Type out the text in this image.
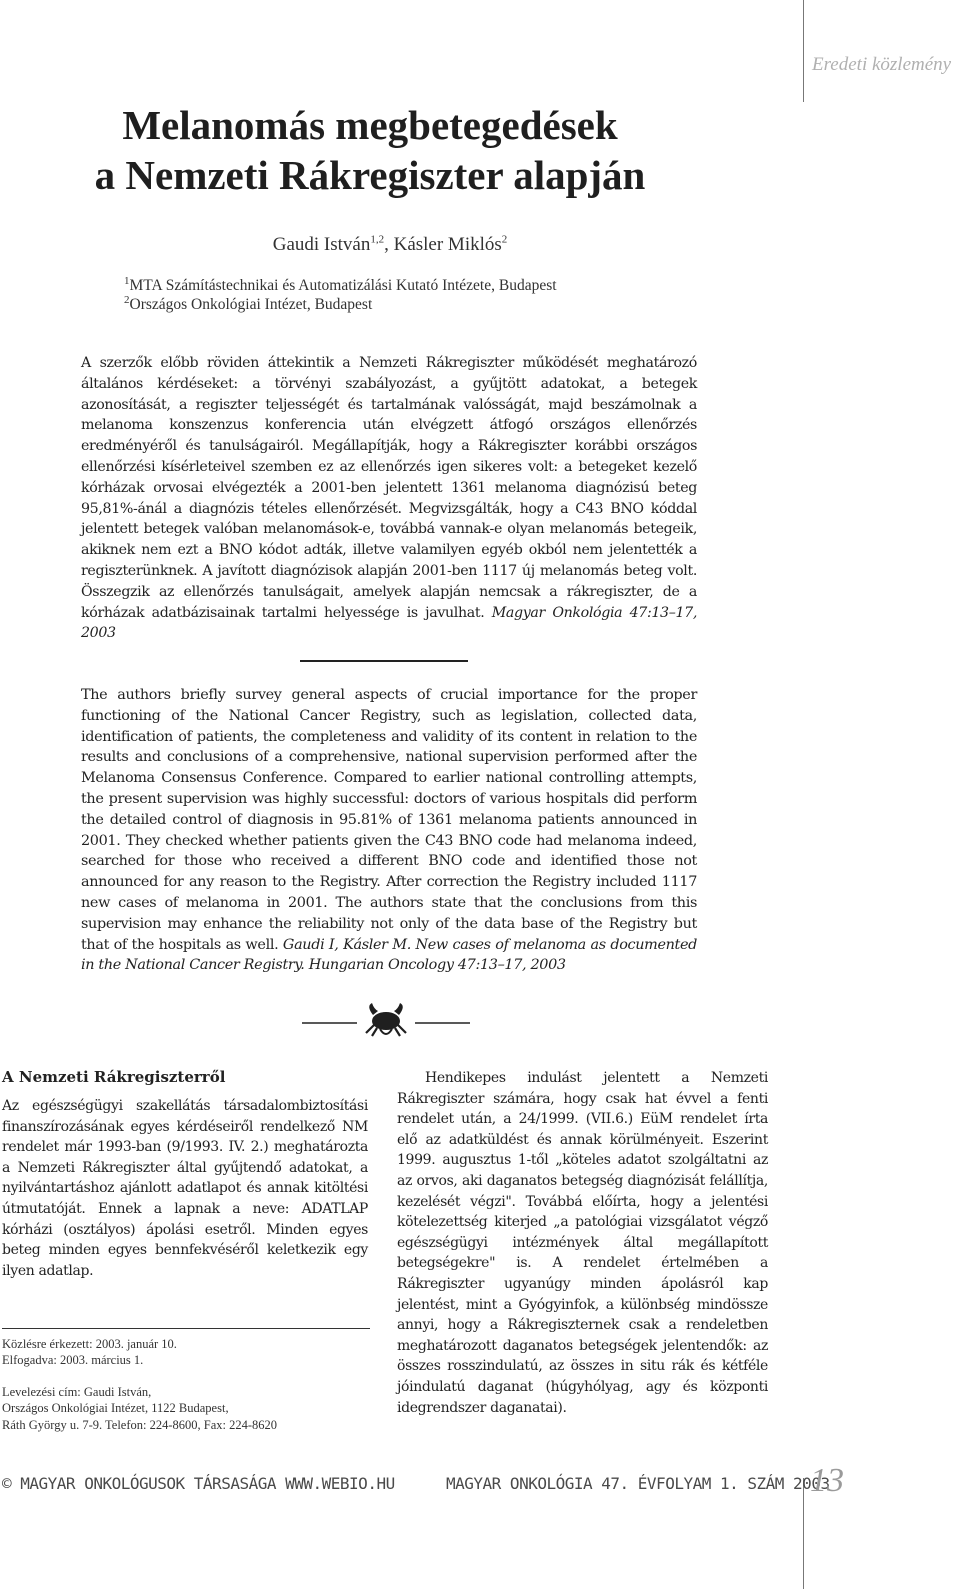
Eredeti közlemény
Melanomás megbetegedések
a Nemzeti Rákregiszter alapján
Gaudi István$^{1,2}$, Kásler Miklós$^2$
$^1$MTA Számítástechnikai és Automatizálási Kutató Intézete, Budapest
$^2$Országos Onkológiai Intézet, Budapest

A szerzők előbb röviden áttekintik a Nemzeti Rákregiszter működését meghatározó általános kérdéseket: a törvényi szabályozást, a gyűjtött adatokat, a betegek azonosítását, a regiszter teljességét és tartalmának valósságát, majd beszámolnak a melanoma konszenzus konferencia után elvégzett átfogó országos ellenőrzés eredményéről és tanulságairól. Megállapítják, hogy a Rákregiszter korábbi országos ellenőrzési kísérleteivel szemben ez az ellenőrzés igen sikeres volt: a betegeket kezelő kórházak orvosai elvégezték a 2001-ben jelentett 1361 melanoma diagnózisú beteg 95,81%-ánál a diagnózis tételes ellenőrzését. Megvizsgálták, hogy a C43 BNO kóddal jelentett betegek valóban melanomások-e, továbbá vannak-e olyan melanomás betegeik, akiknek nem ezt a BNO kódot adták, illetve valamilyen egyéb okból nem jelentették a regiszterünknek. A javított diagnózisok alapján 2001-ben 1117 új melanomás beteg volt. Összegzik az ellenőrzés tanulságait, amelyek alapján nemcsak a rákregiszter, de a kórházak adatbázisainak tartalmi helyessége is javulhat. Magyar Onkológia 47:13–17, 2003

The authors briefly survey general aspects of crucial importance for the proper functioning of the National Cancer Registry, such as legislation, collected data, identification of patients, the completeness and validity of its content in relation to the results and conclusions of a comprehensive, national supervision performed after the Melanoma Consensus Conference. Compared to earlier national controlling attempts, the present supervision was highly successful: doctors of various hospitals did perform the detailed control of diagnosis in 95.81% of 1361 melanoma patients announced in 2001. They checked whether patients given the C43 BNO code had melanoma indeed, searched for those who received a different BNO code and identified those not announced for any reason to the Registry. After correction the Registry included 1117 new cases of melanoma in 2001. The authors state that the conclusions from this supervision may enhance the reliability not only of the data base of the Registry but that of the hospitals as well. Gaudi I, Kásler M. New cases of melanoma as documented in the National Cancer Registry. Hungarian Oncology 47:13–17, 2003

A Nemzeti Rákregiszterről

Az egészségügyi szakellátás társadalombiztosítási finanszírozásának egyes kérdéseiről rendelkező NM rendelet már 1993-ban (9/1993. IV. 2.) meghatározta a Nemzeti Rákregiszter által gyűjtendő adatokat, a nyilvántartáshoz ajánlott adatlapot és annak kitöltési útmutatóját. Ennek a lapnak a neve: ADATLAP kórházi (osztályos) ápolási esetről. Minden egyes beteg minden egyes bennfekvéséről keletkezik egy ilyen adatlap.

Közlésre érkezett: 2003. január 10.
Elfogadva: 2003. március 1.
Levelezési cím: Gaudi István,
Országos Onkológiai Intézet, 1122 Budapest,
Ráth György u. 7-9. Telefon: 224-8600, Fax: 224-8620

Hendikepes indulást jelentett a Nemzeti Rákregiszter számára, hogy csak hat évvel a fenti rendelet után, a 24/1999. (VII.6.) EüM rendelet írta elő az adatküldést és annak körülményeit. Eszerint 1999. augusztus 1-től „köteles adatot szolgáltatni az az orvos, aki daganatos betegség diagnózisát felállítja, kezelését végzi". Továbbá előírta, hogy a jelentési kötelezettség kiterjed „a patológiai vizsgálatot végző egészségügyi intézmények által megállapított betegségekre" is. A rendelet értelmében a Rákregiszter ugyanúgy minden ápolásról kap jelentést, mint a Gyógyinfok, a különbség mindössze annyi, hogy a Rákregiszternek csak a rendeletben meghatározott daganatos betegségek jelentendők: az összes rosszindulatú, az összes in situ rák és kétféle jóindulatú daganat (húgyhólyag, agy és központi idegrendszer daganatai).

© MAGYAR ONKOLÓGUSOK TÁRSASÁGA WWW.WEBIO.HU	MAGYAR ONKOLÓGIA 47. ÉVFOLYAM 1. SZÁM 2003
13
